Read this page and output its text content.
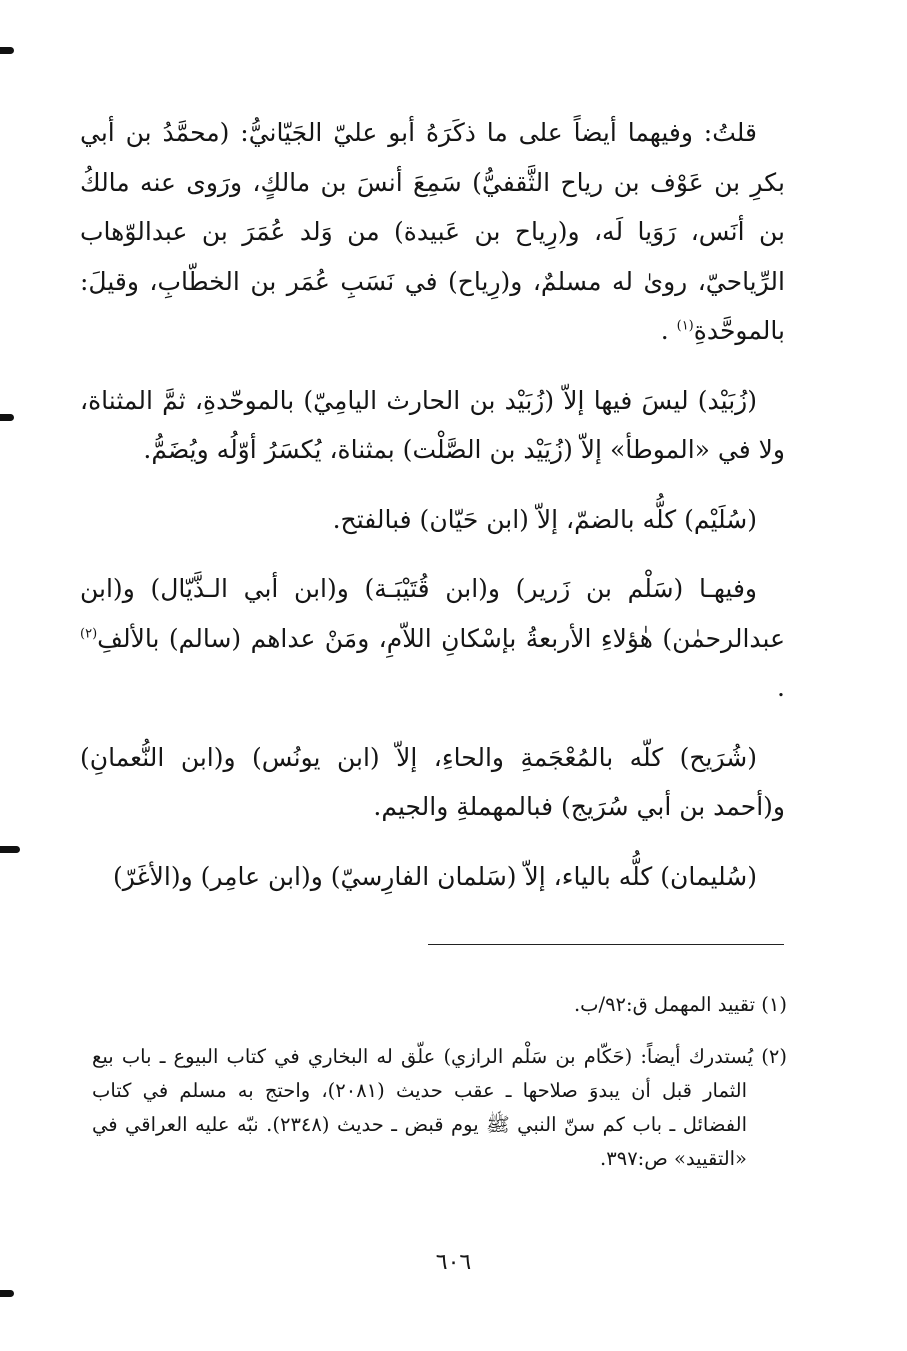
قلتُ: وفيهما أيضاً على ما ذكَرَهُ أبو عليّ الجَيّانيُّ: (محمَّدُ بن أبي بكرِ بن عَوْف بن رياح الثَّقفيُّ) سَمِعَ أنسَ بن مالكٍ، ورَوى عنه مالكُ بن أنَس، رَوَيا لَه، و(رِياح بن عَبيدة) من وَلد عُمَرَ بن عبدالوّهاب الرِّياحيّ، روىٰ له مسلمٌ، و(رِياح) في نَسَبِ عُمَر بن الخطّابِ، وقيلَ: بالموحَّدةِ$^{(١)}$ .

(زُبَيْد) ليسَ فيها إلاّ (زُبَيْد بن الحارث اليامِيّ) بالموحّدةِ، ثمَّ المثناة، ولا في «الموطأ» إلاّ (زُيَيْد بن الصَّلْت) بمثناة، يُكسَرُ أوّلُه ويُضَمُّ.

(سُلَيْم) كلُّه بالضمّ، إلاّ (ابن حَيّان) فبالفتح.

وفيهـا (سَلْم بن زَرير) و(ابن قُتَيْبَـة) و(ابن أبي الـذَّيّال) و(ابن عبدالرحمٰن) هٰؤلاءِ الأربعةُ بإسْكانِ اللاّمِ، ومَنْ عداهم (سالم) بالألفِ$^{(٢)}$ .

(شُرَيح) كلّه بالمُعْجَمةِ والحاءِ، إلاّ (ابن يونُس) و(ابن النُّعمانِ) و(أحمد بن أبي سُرَيج) فبالمهملةِ والجيم.

(سُليمان) كلُّه بالياء، إلاّ (سَلمان الفارِسيّ) و(ابن عامِر) و(الأغَرّ)

(١) تقييد المهمل ق:٩٢/ب.

(٢) يُستدرك أيضاً: (حَكّام بن سَلْم الرازي) علّق له البخاري في كتاب البيوع ـ باب بيع الثمار قبل أن يبدوَ صلاحها ـ عقب حديث (٢٠٨١)، واحتج به مسلم في كتاب الفضائل ـ باب كم سنّ النبي ﷺ يوم قبض ـ حديث (٢٣٤٨). نبّه عليه العراقي في «التقييد» ص:٣٩٧.

٦٠٦
